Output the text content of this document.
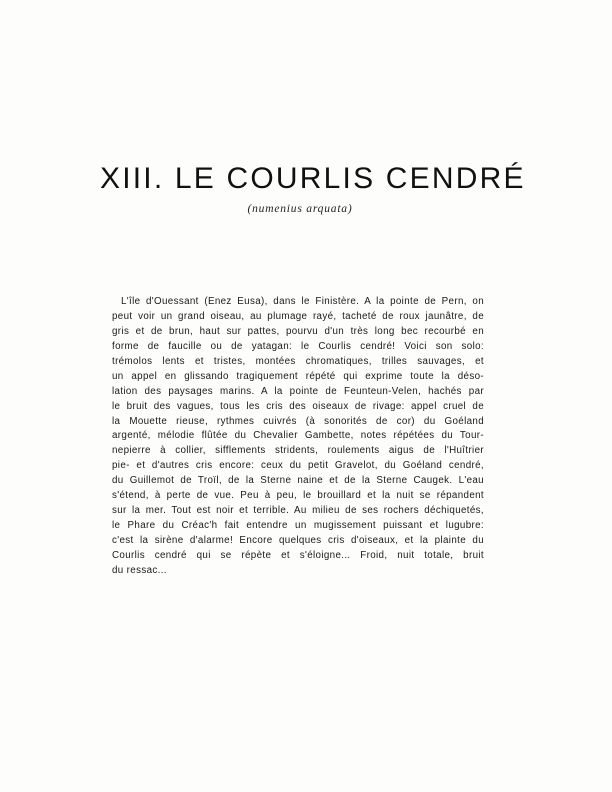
XIII. LE COURLIS CENDRÉ
(numenius arquata)
L'île d'Ouessant (Enez Eusa), dans le Finistère. A la pointe de Pern, on
peut voir un grand oiseau, au plumage rayé, tacheté de roux jaunâtre, de
gris et de brun, haut sur pattes, pourvu d'un très long bec recourbé en
forme de faucille ou de yatagan: le Courlis cendré! Voici son solo:
trémolos lents et tristes, montées chromatiques, trilles sauvages, et
un appel en glissando tragiquement répété qui exprime toute la déso-
lation des paysages marins. A la pointe de Feunteun-Velen, hachés par
le bruit des vagues, tous les cris des oiseaux de rivage: appel cruel de
la Mouette rieuse, rythmes cuivrés (à sonorités de cor) du Goéland
argenté, mélodie flûtée du Chevalier Gambette, notes répétées du Tour-
nepierre à collier, sifflements stridents, roulements aigus de l'Huîtrier
pie- et d'autres cris encore: ceux du petit Gravelot, du Goéland cendré,
du Guillemot de Troïl, de la Sterne naine et de la Sterne Caugek. L'eau
s'étend, à perte de vue. Peu à peu, le brouillard et la nuit se répandent
sur la mer. Tout est noir et terrible. Au milieu de ses rochers déchiquetés,
le Phare du Créac'h fait entendre un mugissement puissant et lugubre:
c'est la sirène d'alarme! Encore quelques cris d'oiseaux, et la plainte du
Courlis cendré qui se répète et s'éloigne... Froid, nuit totale, bruit
du ressac...
